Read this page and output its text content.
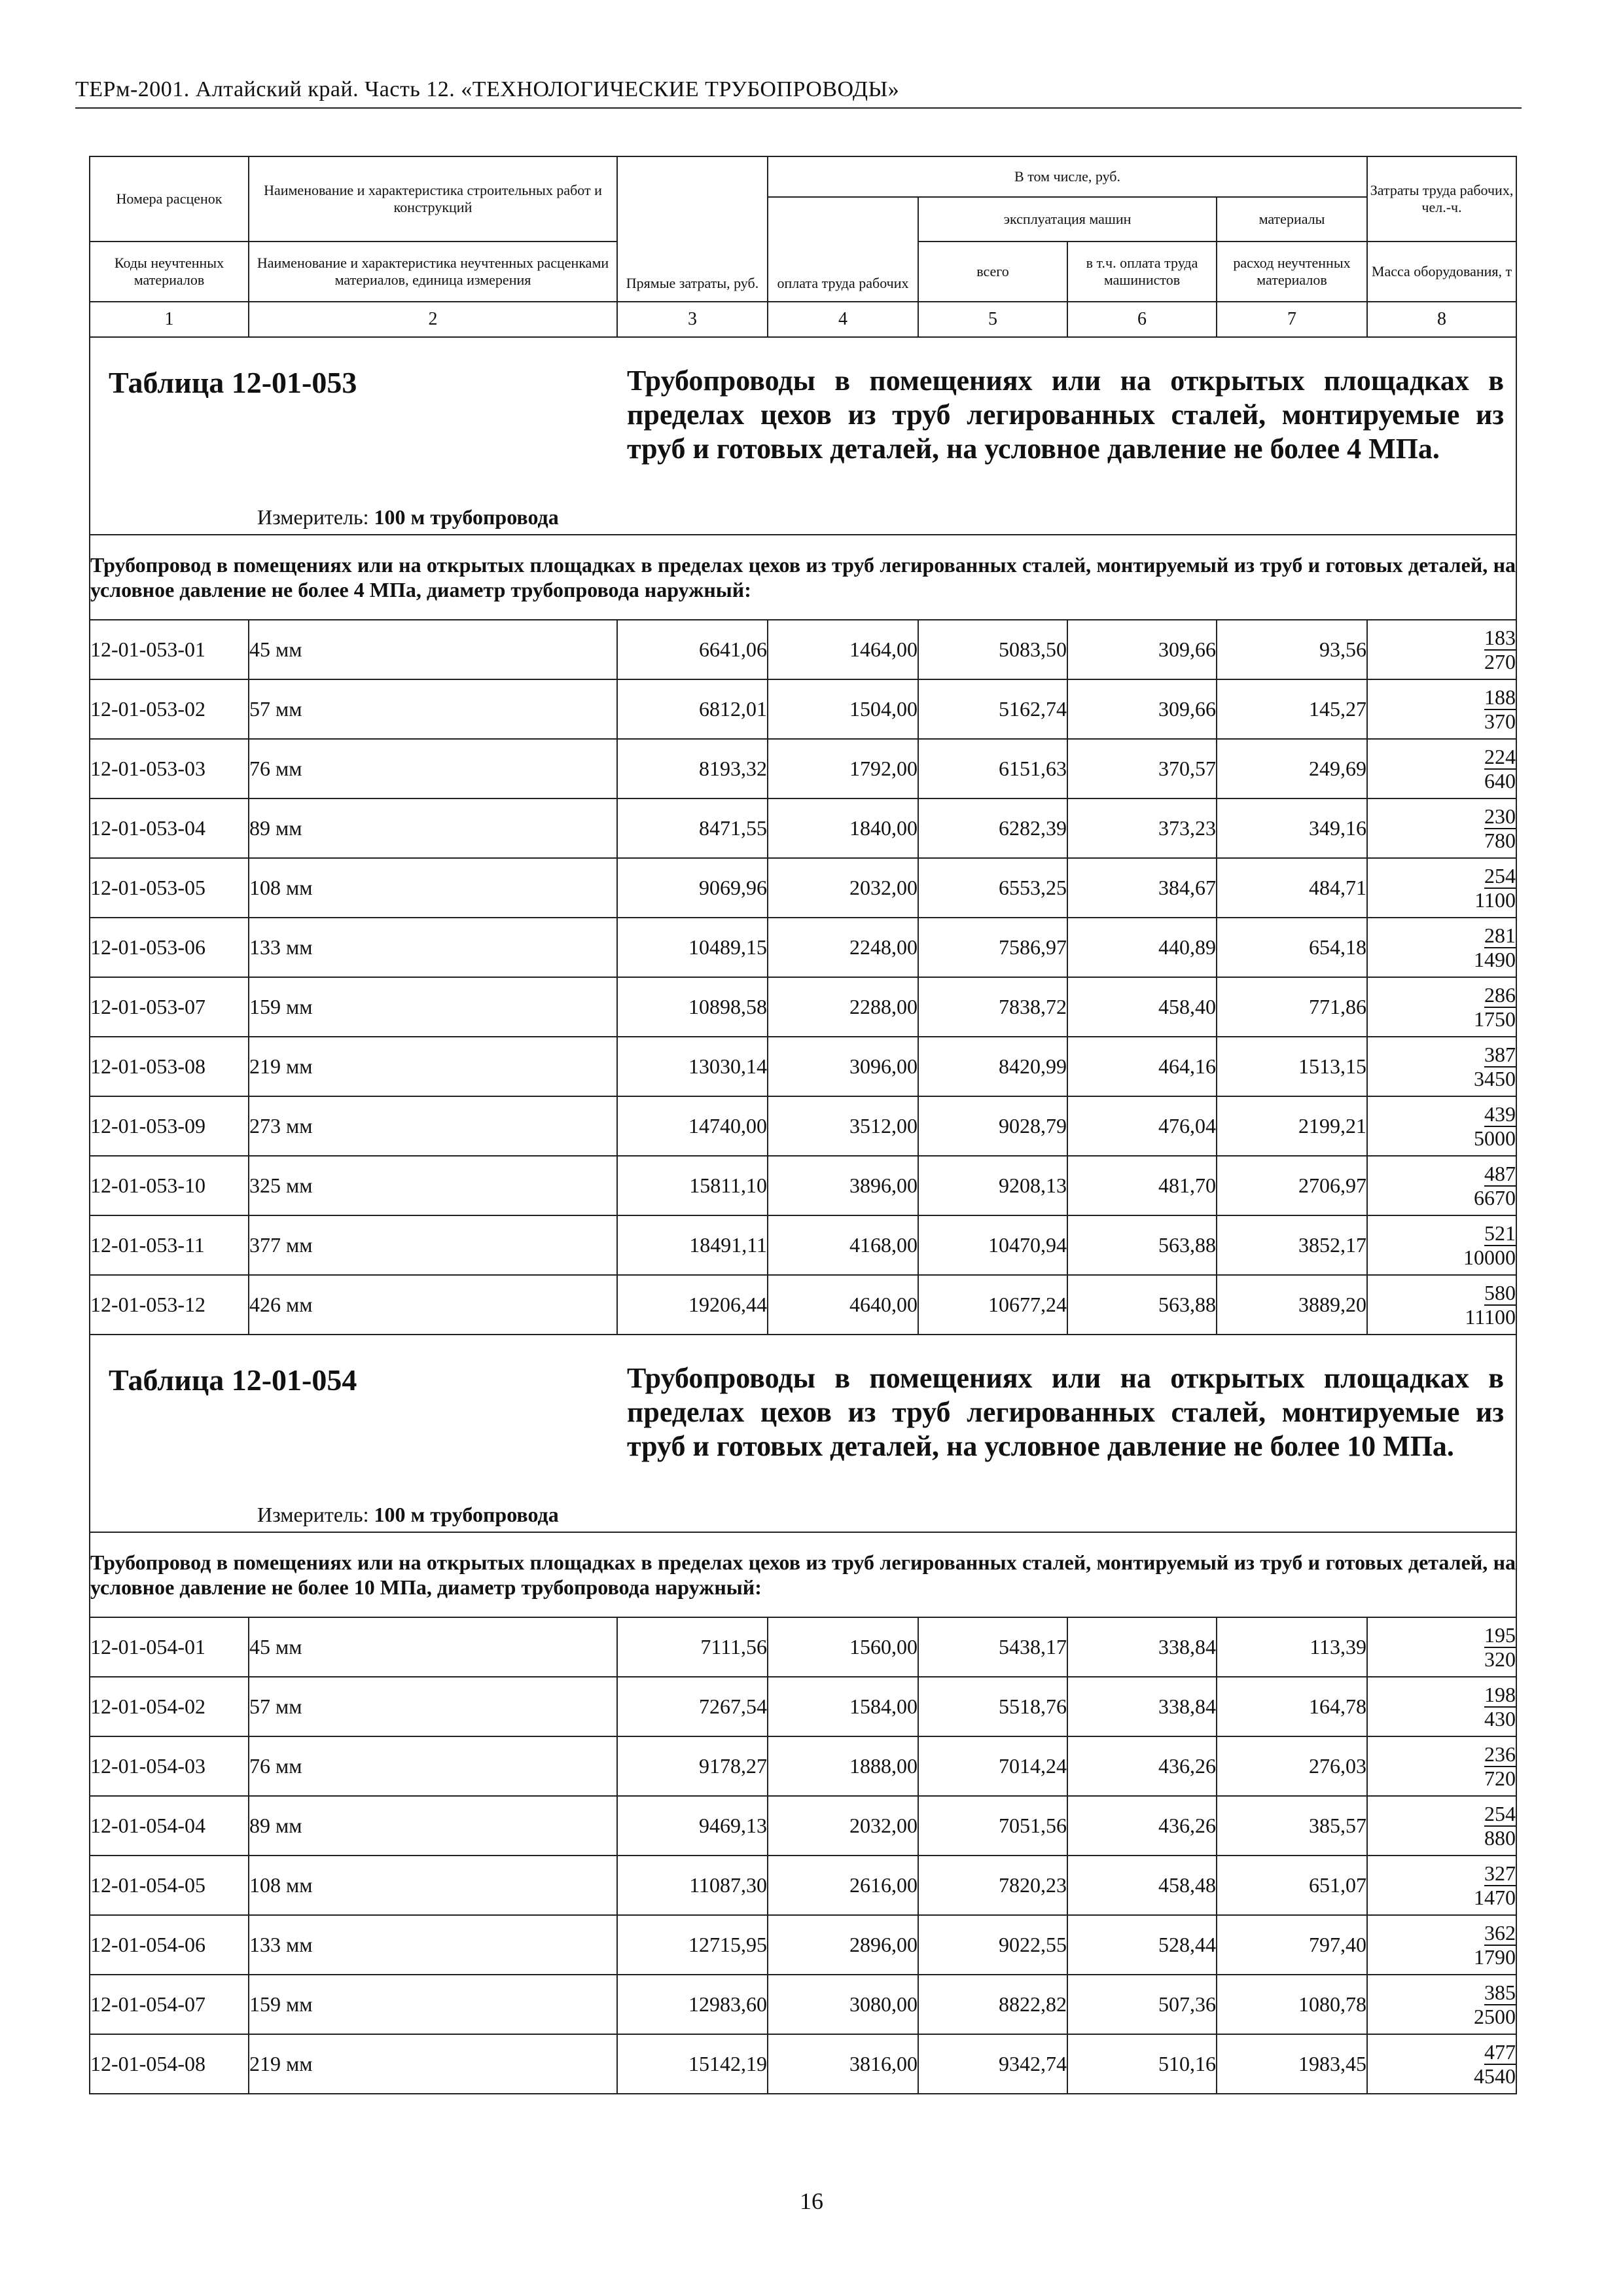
ТЕРм-2001. Алтайский край. Часть 12. «ТЕХНОЛОГИЧЕСКИЕ ТРУБОПРОВОДЫ»
Номера расценок	Наименование и характеристика строительных работ и конструкций	Прямые затраты, руб.	В том числе, руб.				Затраты труда рабочих, чел.-ч.
			оплата труда рабочих	эксплуатация машин		материалы	
Коды неучтенных материалов	Наименование и характеристика неучтенных расценками материалов, единица измерения			всего	в т.ч. оплата труда машинистов	расход неучтенных материалов	Масса оборудования, т
1	2	3	4	5	6	7	8

Таблица 12-01-053 Трубопроводы в помещениях или на открытых площадках в пределах цехов из труб легированных сталей, монтируемые из труб и готовых деталей, на условное давление не более 4 МПа.
Измеритель: 100 м трубопровода							

Трубопровод в помещениях или на открытых площадках в пределах цехов из труб легированных сталей, монтируемый из труб и готовых деталей, на условное давление не более 4 МПа, диаметр трубопровода наружный:							
12-01-053-01	45 мм	6641,06	1464,00	5083,50	309,66	93,56	183
270

12-01-053-02	57 мм	6812,01	1504,00	5162,74	309,66	145,27	188
370

12-01-053-03	76 мм	8193,32	1792,00	6151,63	370,57	249,69	224
640

12-01-053-04	89 мм	8471,55	1840,00	6282,39	373,23	349,16	230
780

12-01-053-05	108 мм	9069,96	2032,00	6553,25	384,67	484,71	254
1100

12-01-053-06	133 мм	10489,15	2248,00	7586,97	440,89	654,18	281
1490

12-01-053-07	159 мм	10898,58	2288,00	7838,72	458,40	771,86	286
1750

12-01-053-08	219 мм	13030,14	3096,00	8420,99	464,16	1513,15	387
3450

12-01-053-09	273 мм	14740,00	3512,00	9028,79	476,04	2199,21	439
5000

12-01-053-10	325 мм	15811,10	3896,00	9208,13	481,70	2706,97	487
6670

12-01-053-11	377 мм	18491,11	4168,00	10470,94	563,88	3852,17	521
10000

12-01-053-12	426 мм	19206,44	4640,00	10677,24	563,88	3889,20	580
11100

Таблица 12-01-054 Трубопроводы в помещениях или на открытых площадках в пределах цехов из труб легированных сталей, монтируемые из труб и готовых деталей, на условное давление не более 10 МПа.
Измеритель: 100 м трубопровода							

Трубопровод в помещениях или на открытых площадках в пределах цехов из труб легированных сталей, монтируемый из труб и готовых деталей, на условное давление не более 10 МПа, диаметр трубопровода наружный:							
12-01-054-01	45 мм	7111,56	1560,00	5438,17	338,84	113,39	195
320

12-01-054-02	57 мм	7267,54	1584,00	5518,76	338,84	164,78	198
430

12-01-054-03	76 мм	9178,27	1888,00	7014,24	436,26	276,03	236
720

12-01-054-04	89 мм	9469,13	2032,00	7051,56	436,26	385,57	254
880

12-01-054-05	108 мм	11087,30	2616,00	7820,23	458,48	651,07	327
1470

12-01-054-06	133 мм	12715,95	2896,00	9022,55	528,44	797,40	362
1790

12-01-054-07	159 мм	12983,60	3080,00	8822,82	507,36	1080,78	385
2500

12-01-054-08	219 мм	15142,19	3816,00	9342,74	510,16	1983,45	477
4540
16
